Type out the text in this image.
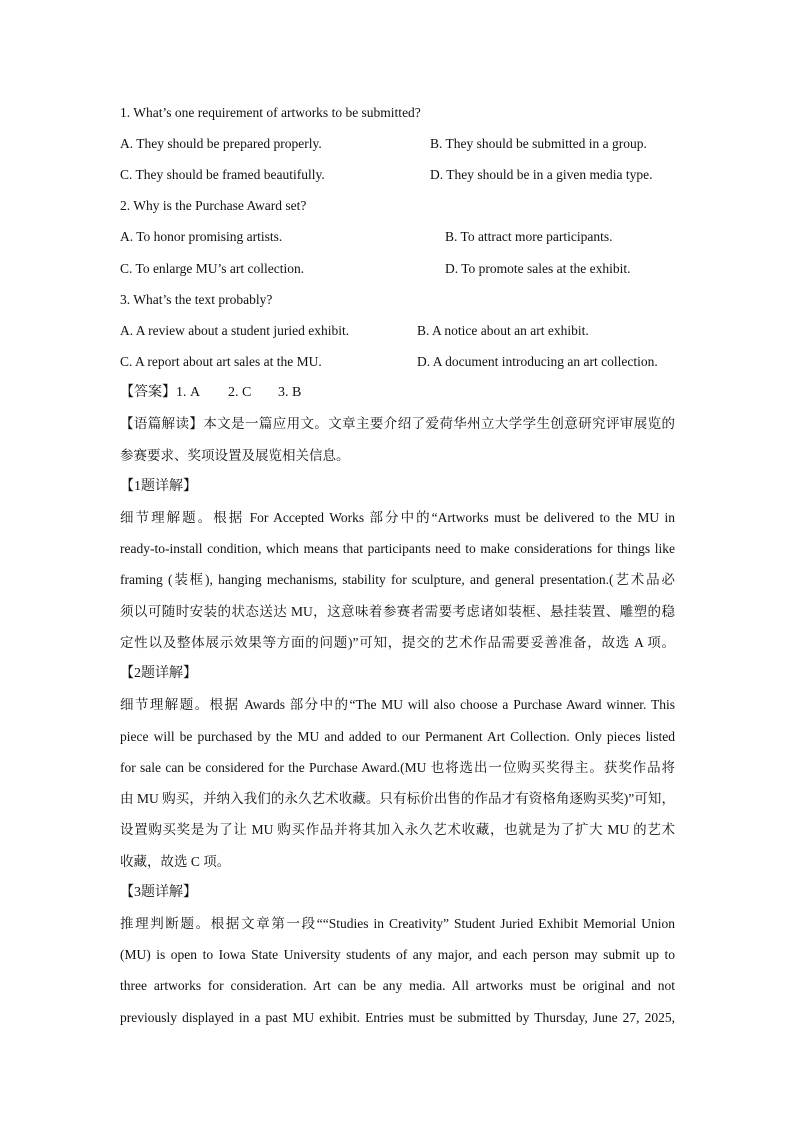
1. What’s one requirement of artworks to be submitted?
A. They should be prepared properly.	B. They should be submitted in a group.
C. They should be framed beautifully.	D. They should be in a given media type.
2. Why is the Purchase Award set?
A. To honor promising artists.	B. To attract more participants.
C. To enlarge MU’s art collection.	D. To promote sales at the exhibit.
3. What’s the text probably?
A. A review about a student juried exhibit.	B. A notice about an art exhibit.
C. A report about art sales at the MU.	D. A document introducing an art collection.
【答案】1. A 2. C 3. B
【语篇解读】本文是一篇应用文。文章主要介绍了爱荷华州立大学学生创意研究评审展览的
参赛要求、奖项设置及展览相关信息。
【1题详解】
细节理解题。根据 For Accepted Works 部分中的“Artworks must be delivered to the MU in
ready-to-install condition, which means that participants need to make considerations for things like
framing (装框), hanging mechanisms, stability for sculpture, and general presentation.(艺术品必
须以可随时安装的状态送达 MU，这意味着参赛者需要考虑诸如装框、悬挂装置、雕塑的稳
定性以及整体展示效果等方面的问题)”可知，提交的艺术作品需要妥善准备，故选 A 项。
【2题详解】
细节理解题。根据 Awards 部分中的“The MU will also choose a Purchase Award winner. This
piece will be purchased by the MU and added to our Permanent Art Collection. Only pieces listed
for sale can be considered for the Purchase Award.(MU 也将选出一位购买奖得主。获奖作品将
由 MU 购买，并纳入我们的永久艺术收藏。只有标价出售的作品才有资格角逐购买奖)”可知，
设置购买奖是为了让 MU 购买作品并将其加入永久艺术收藏，也就是为了扩大 MU 的艺术
收藏，故选 C 项。
【3题详解】
推理判断题。根据文章第一段““Studies in Creativity” Student Juried Exhibit Memorial Union
(MU) is open to Iowa State University students of any major, and each person may submit up to
three artworks for consideration. Art can be any media. All artworks must be original and not
previously displayed in a past MU exhibit. Entries must be submitted by Thursday, June 27, 2025,
